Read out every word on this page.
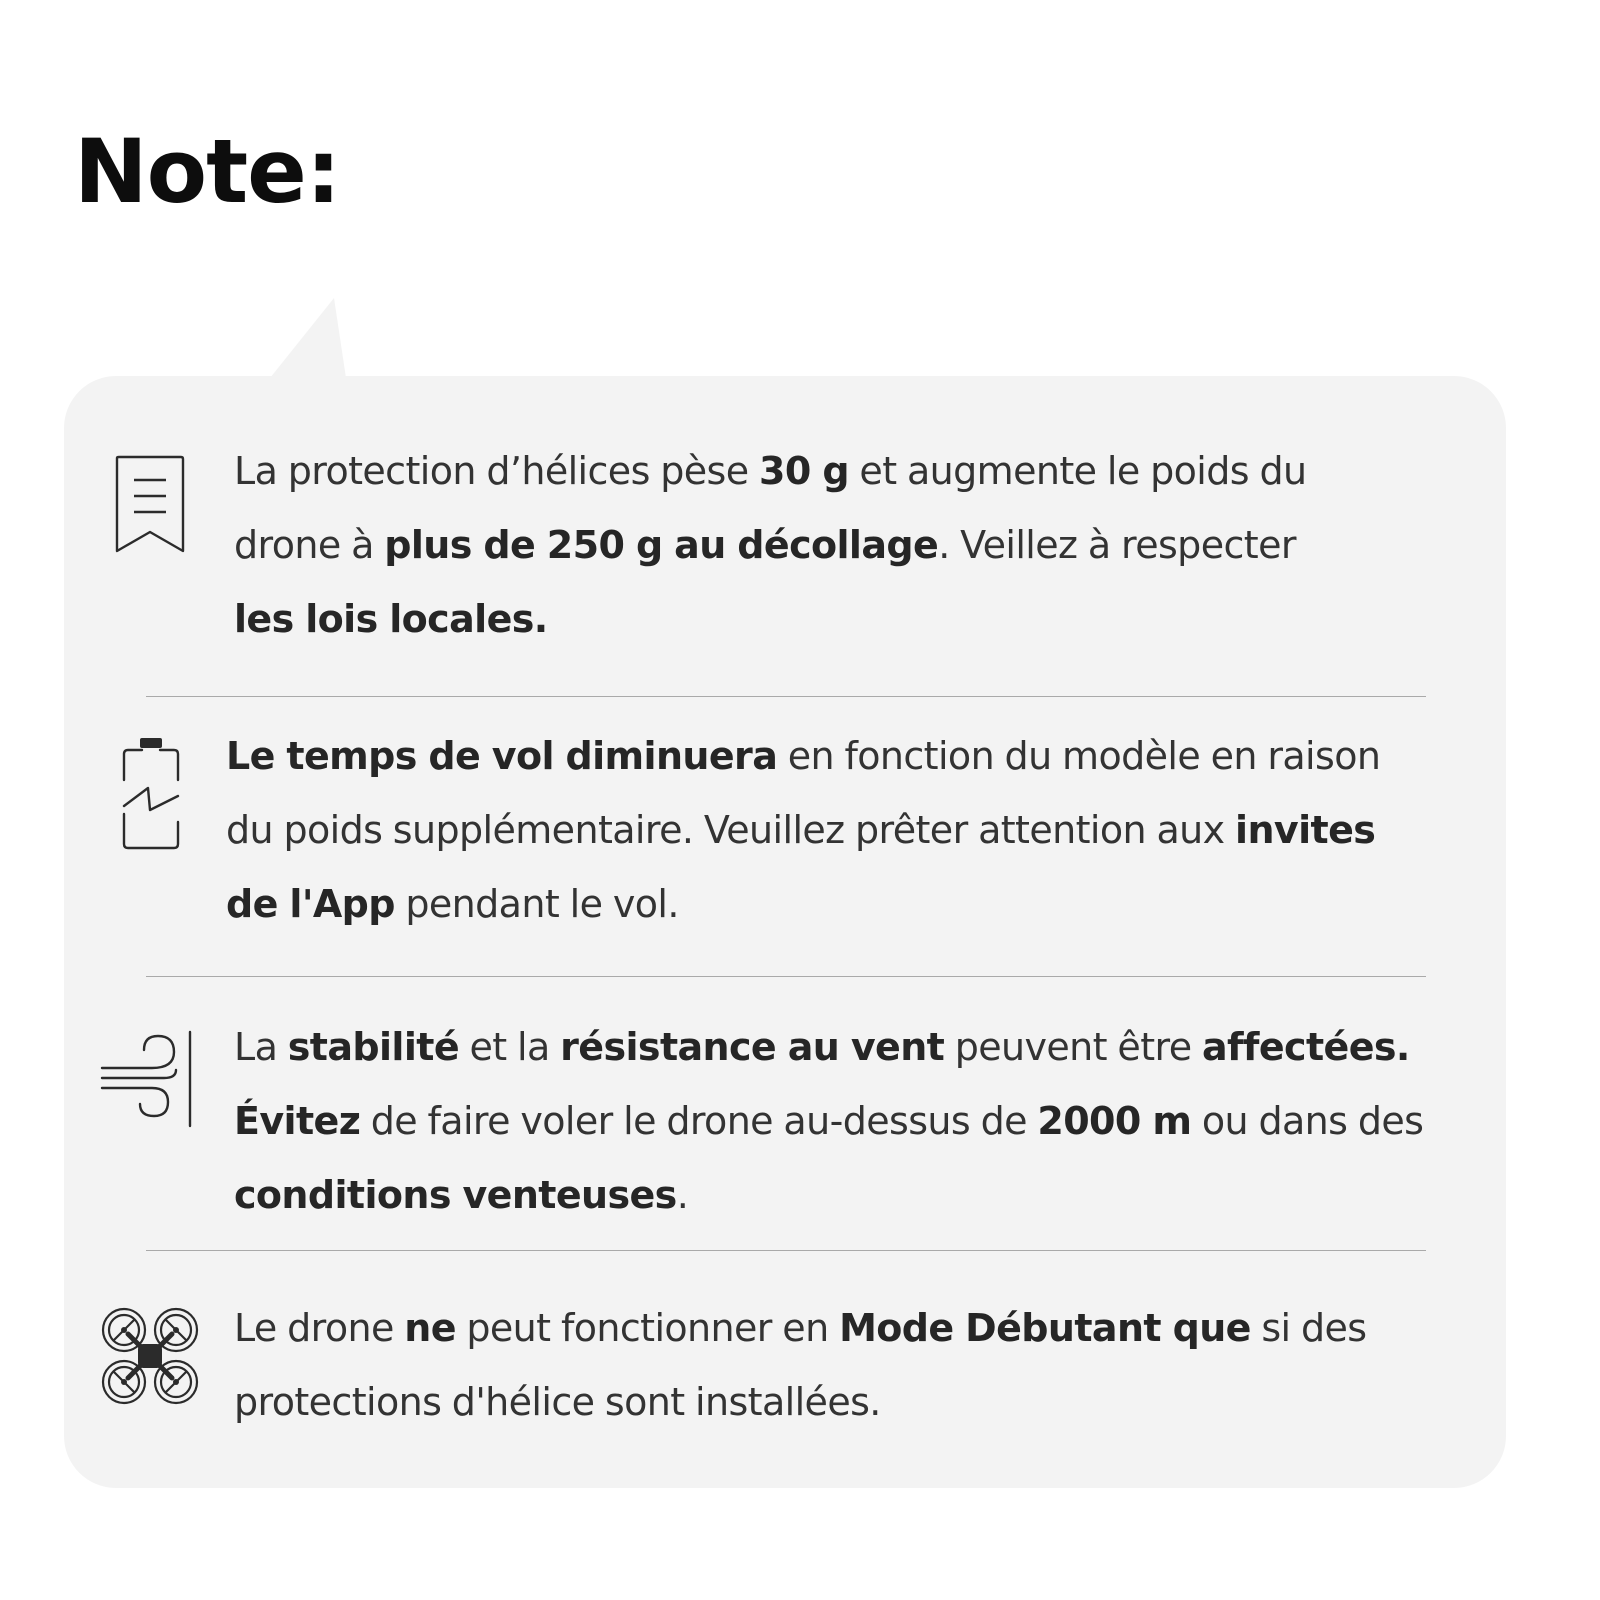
Note:

La protection d’hélices pèse 30 g et augmente le poids du drone à plus de 250 g au décollage. Veillez à respecter les lois locales.

Le temps de vol diminuera en fonction du modèle en raison du poids supplémentaire. Veuillez prêter attention aux invites de l'App pendant le vol.

La stabilité et la résistance au vent peuvent être affectées. Évitez de faire voler le drone au-dessus de 2000 m ou dans des conditions venteuses.

Le drone ne peut fonctionner en Mode Débutant que si des protections d'hélice sont installées.
